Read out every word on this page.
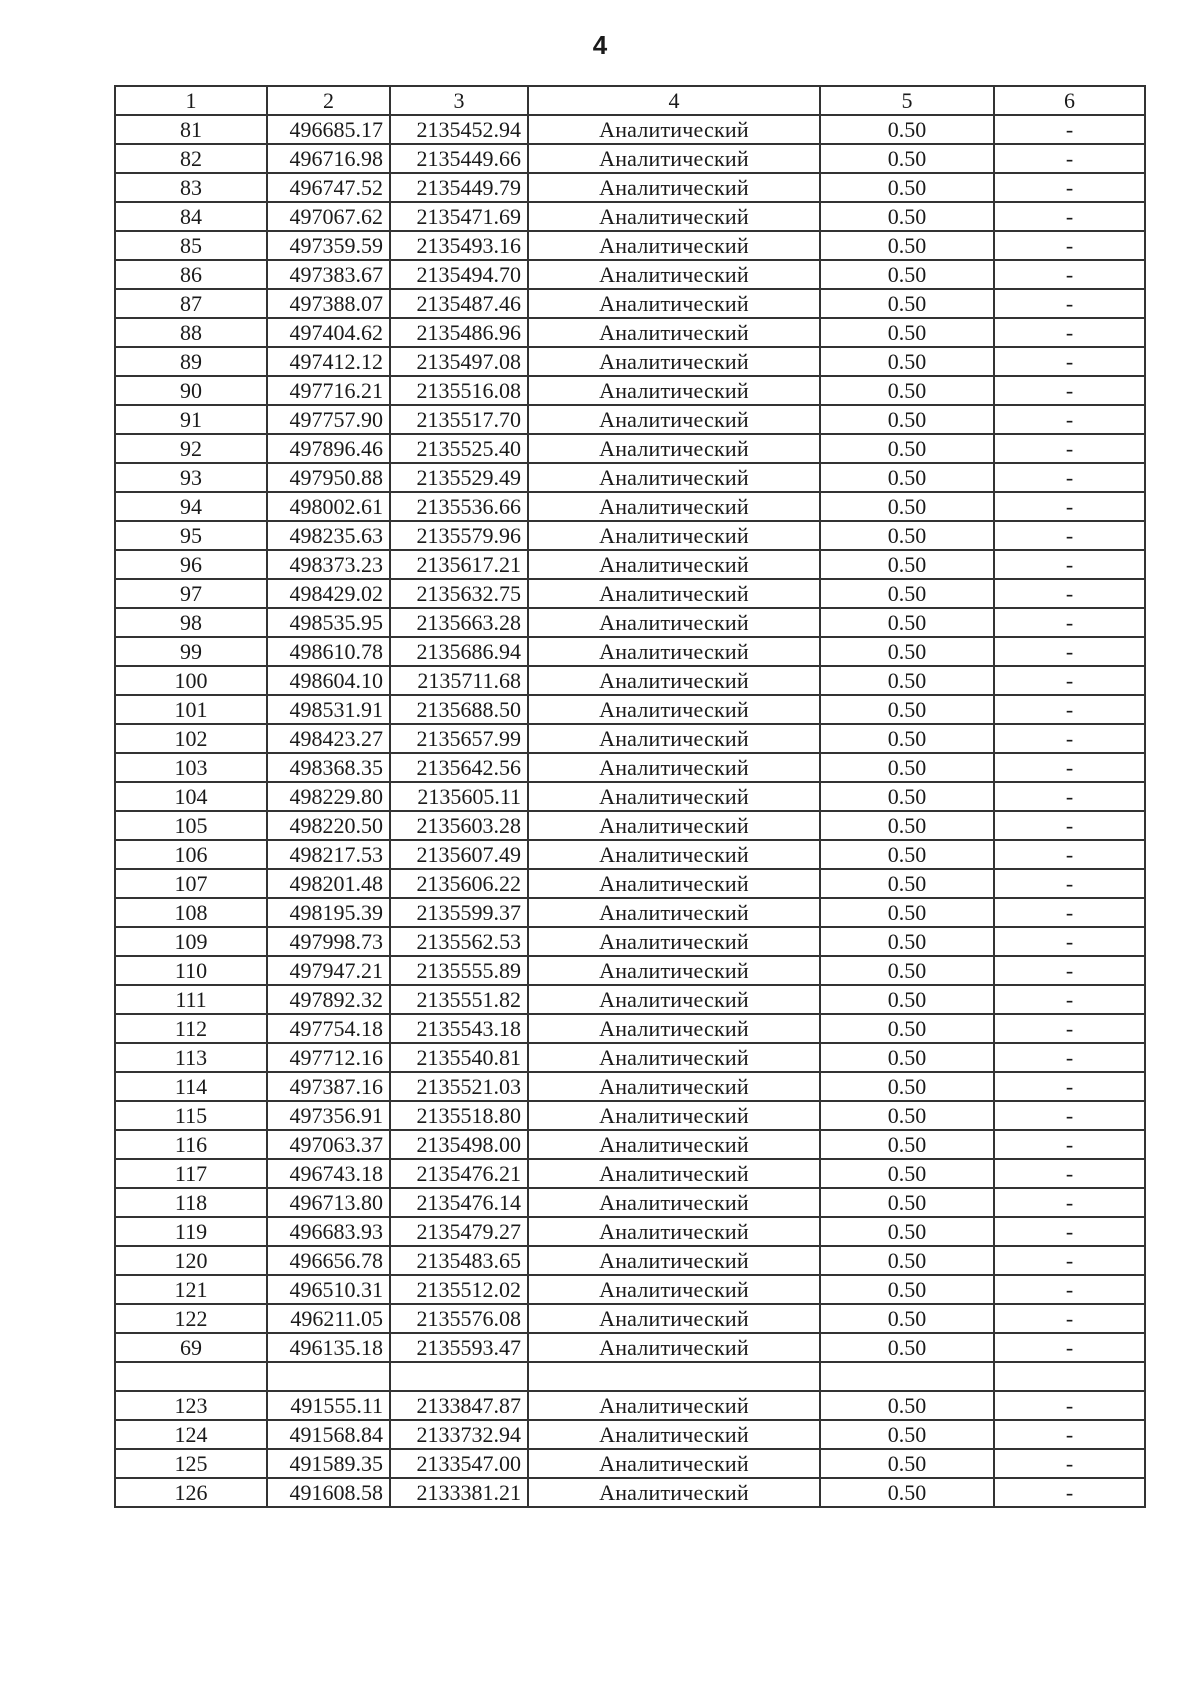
4
1	2	3	4	5	6
81	496685.17	2135452.94	Аналитический	0.50	-
82	496716.98	2135449.66	Аналитический	0.50	-
83	496747.52	2135449.79	Аналитический	0.50	-
84	497067.62	2135471.69	Аналитический	0.50	-
85	497359.59	2135493.16	Аналитический	0.50	-
86	497383.67	2135494.70	Аналитический	0.50	-
87	497388.07	2135487.46	Аналитический	0.50	-
88	497404.62	2135486.96	Аналитический	0.50	-
89	497412.12	2135497.08	Аналитический	0.50	-
90	497716.21	2135516.08	Аналитический	0.50	-
91	497757.90	2135517.70	Аналитический	0.50	-
92	497896.46	2135525.40	Аналитический	0.50	-
93	497950.88	2135529.49	Аналитический	0.50	-
94	498002.61	2135536.66	Аналитический	0.50	-
95	498235.63	2135579.96	Аналитический	0.50	-
96	498373.23	2135617.21	Аналитический	0.50	-
97	498429.02	2135632.75	Аналитический	0.50	-
98	498535.95	2135663.28	Аналитический	0.50	-
99	498610.78	2135686.94	Аналитический	0.50	-
100	498604.10	2135711.68	Аналитический	0.50	-
101	498531.91	2135688.50	Аналитический	0.50	-
102	498423.27	2135657.99	Аналитический	0.50	-
103	498368.35	2135642.56	Аналитический	0.50	-
104	498229.80	2135605.11	Аналитический	0.50	-
105	498220.50	2135603.28	Аналитический	0.50	-
106	498217.53	2135607.49	Аналитический	0.50	-
107	498201.48	2135606.22	Аналитический	0.50	-
108	498195.39	2135599.37	Аналитический	0.50	-
109	497998.73	2135562.53	Аналитический	0.50	-
110	497947.21	2135555.89	Аналитический	0.50	-
111	497892.32	2135551.82	Аналитический	0.50	-
112	497754.18	2135543.18	Аналитический	0.50	-
113	497712.16	2135540.81	Аналитический	0.50	-
114	497387.16	2135521.03	Аналитический	0.50	-
115	497356.91	2135518.80	Аналитический	0.50	-
116	497063.37	2135498.00	Аналитический	0.50	-
117	496743.18	2135476.21	Аналитический	0.50	-
118	496713.80	2135476.14	Аналитический	0.50	-
119	496683.93	2135479.27	Аналитический	0.50	-
120	496656.78	2135483.65	Аналитический	0.50	-
121	496510.31	2135512.02	Аналитический	0.50	-
122	496211.05	2135576.08	Аналитический	0.50	-
69	496135.18	2135593.47	Аналитический	0.50	-

123	491555.11	2133847.87	Аналитический	0.50	-
124	491568.84	2133732.94	Аналитический	0.50	-
125	491589.35	2133547.00	Аналитический	0.50	-
126	491608.58	2133381.21	Аналитический	0.50	-
